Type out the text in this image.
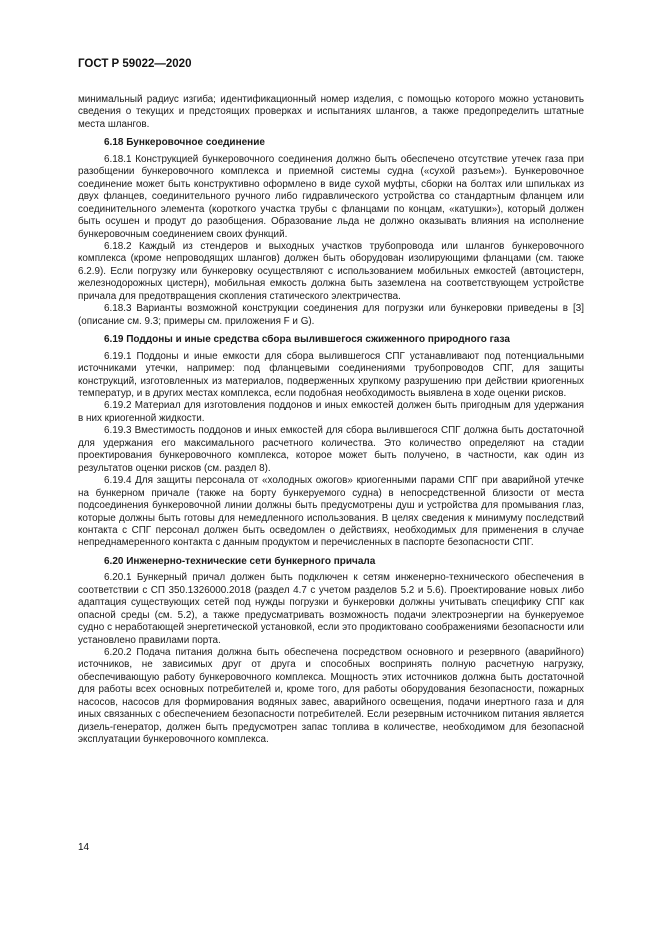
ГОСТ Р 59022—2020

минимальный радиус изгиба; идентификационный номер изделия, с помощью которого можно установить сведения о текущих и предстоящих проверках и испытаниях шлангов, а также предопределить штатные места шлангов.

6.18 Бункеровочное соединение

6.18.1 Конструкцией бункеровочного соединения должно быть обеспечено отсутствие утечек газа при разобщении бункеровочного комплекса и приемной системы судна («сухой разъем»). Бункеровочное соединение может быть конструктивно оформлено в виде сухой муфты, сборки на болтах или шпильках из двух фланцев, соединительного ручного либо гидравлического устройства со стандартным фланцем или соединительного элемента (короткого участка трубы с фланцами по концам, «катушки»), который должен быть осушен и продут до разобщения. Образование льда не должно оказывать влияния на исполнение бункеровочным соединением своих функций.

6.18.2 Каждый из стендеров и выходных участков трубопровода или шлангов бункеровочного комплекса (кроме непроводящих шлангов) должен быть оборудован изолирующими фланцами (см. также 6.2.9). Если погрузку или бункеровку осуществляют с использованием мобильных емкостей (автоцистерн, железнодорожных цистерн), мобильная емкость должна быть заземлена на соответствующем устройстве причала для предотвращения скопления статического электричества.

6.18.3 Варианты возможной конструкции соединения для погрузки или бункеровки приведены в [3] (описание см. 9.3; примеры см. приложения F и G).

6.19 Поддоны и иные средства сбора вылившегося сжиженного природного газа

6.19.1 Поддоны и иные емкости для сбора вылившегося СПГ устанавливают под потенциальными источниками утечки, например: под фланцевыми соединениями трубопроводов СПГ, для защиты конструкций, изготовленных из материалов, подверженных хрупкому разрушению при действии криогенных температур, и в других местах комплекса, если подобная необходимость выявлена в ходе оценки рисков.

6.19.2 Материал для изготовления поддонов и иных емкостей должен быть пригодным для удержания в них криогенной жидкости.

6.19.3 Вместимость поддонов и иных емкостей для сбора вылившегося СПГ должна быть достаточной для удержания его максимального расчетного количества. Это количество определяют на стадии проектирования бункеровочного комплекса, которое может быть получено, в частности, как один из результатов оценки рисков (см. раздел 8).

6.19.4 Для защиты персонала от «холодных ожогов» криогенными парами СПГ при аварийной утечке на бункерном причале (также на борту бункеруемого судна) в непосредственной близости от места подсоединения бункеровочной линии должны быть предусмотрены душ и устройства для промывания глаз, которые должны быть готовы для немедленного использования. В целях сведения к минимуму последствий контакта с СПГ персонал должен быть осведомлен о действиях, необходимых для применения в случае непреднамеренного контакта с данным продуктом и перечисленных в паспорте безопасности СПГ.

6.20 Инженерно-технические сети бункерного причала

6.20.1 Бункерный причал должен быть подключен к сетям инженерно-технического обеспечения в соответствии с СП 350.1326000.2018 (раздел 4.7 с учетом разделов 5.2 и 5.6). Проектирование новых либо адаптация существующих сетей под нужды погрузки и бункеровки должны учитывать специфику СПГ как опасной среды (см. 5.2), а также предусматривать возможность подачи электроэнергии на бункеруемое судно с неработающей энергетической установкой, если это продиктовано соображениями безопасности или установлено правилами порта.

6.20.2 Подача питания должна быть обеспечена посредством основного и резервного (аварийного) источников, не зависимых друг от друга и способных воспринять полную расчетную нагрузку, обеспечивающую работу бункеровочного комплекса. Мощность этих источников должна быть достаточной для работы всех основных потребителей и, кроме того, для работы оборудования безопасности, пожарных насосов, насосов для формирования водяных завес, аварийного освещения, подачи инертного газа и для иных связанных с обеспечением безопасности потребителей. Если резервным источником питания является дизель-генератор, должен быть предусмотрен запас топлива в количестве, необходимом для безопасной эксплуатации бункеровочного комплекса.

14
